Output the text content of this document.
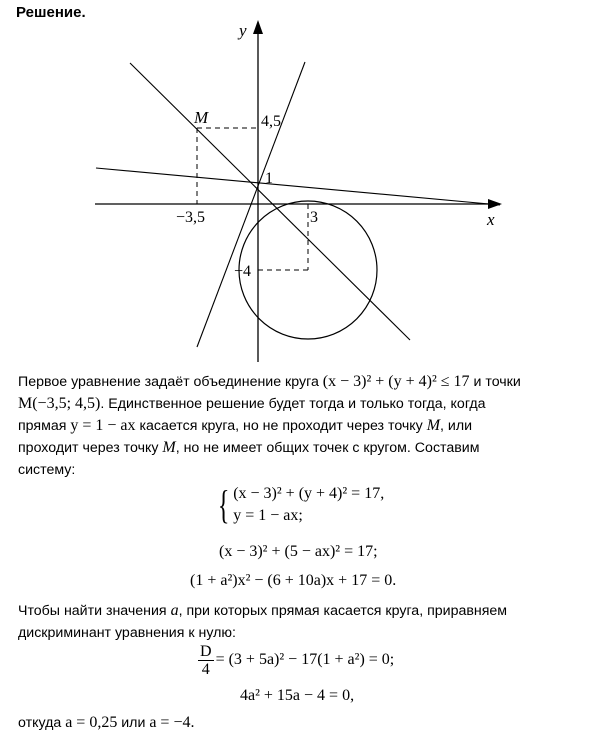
Решение.
y
x
M	4,5
1
−3,5	3
−4
Первое уравнение задаёт объединение круга (x − 3)² + (y + 4)² ≤ 17 и точки
M(−3,5; 4,5). Единственное решение будет тогда и только тогда, когда
прямая y = 1 − ax касается круга, но не проходит через точку M, или
проходит через точку M, но не имеет общих точек с кругом. Составим
систему:
{ (x − 3)² + (y + 4)² = 17,
y = 1 − ax;
(x − 3)² + (5 − ax)² = 17;
(1 + a²)x² − (6 + 10a)x + 17 = 0.
Чтобы найти значения a, при которых прямая касается круга, приравняем
дискриминант уравнения к нулю:
$\frac{D}{4} = (3 + 5a)^2 - 17(1 + a^2) = 0$;
4a² + 15a − 4 = 0,
откуда a = 0,25 или a = −4.
